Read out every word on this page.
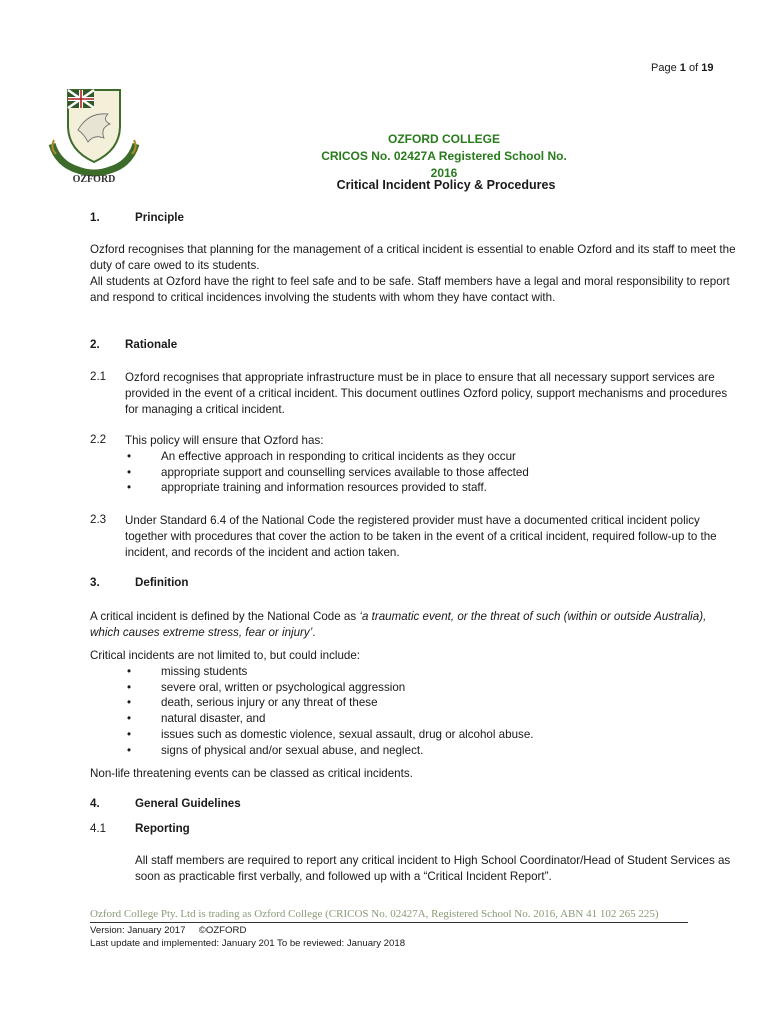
Page 1 of 19
OZFORD
OZFORD COLLEGE
CRICOS No. 02427A Registered School No. 2016
Critical Incident Policy & Procedures
1.	Principle
Ozford recognises that planning for the management of a critical incident is essential to enable Ozford and its staff to meet the duty of care owed to its students.
All students at Ozford have the right to feel safe and to be safe. Staff members have a legal and moral responsibility to report and respond to critical incidences involving the students with whom they have contact with.
2. Rationale
2.1 Ozford recognises that appropriate infrastructure must be in place to ensure that all necessary support services are provided in the event of a critical incident. This document outlines Ozford policy, support mechanisms and procedures for managing a critical incident.
2.2 This policy will ensure that Ozford has:
• An effective approach in responding to critical incidents as they occur
• appropriate support and counselling services available to those affected
• appropriate training and information resources provided to staff.
2.3 Under Standard 6.4 of the National Code the registered provider must have a documented critical incident policy together with procedures that cover the action to be taken in the event of a critical incident, required follow-up to the incident, and records of the incident and action taken.
3.	Definition
A critical incident is defined by the National Code as ‘a traumatic event, or the threat of such (within or outside Australia), which causes extreme stress, fear or injury’.
Critical incidents are not limited to, but could include:
• missing students
• severe oral, written or psychological aggression
• death, serious injury or any threat of these
• natural disaster, and
• issues such as domestic violence, sexual assault, drug or alcohol abuse.
• signs of physical and/or sexual abuse, and neglect.
Non-life threatening events can be classed as critical incidents.
4.	General Guidelines
4.1 Reporting
All staff members are required to report any critical incident to High School Coordinator/Head of Student Services as soon as practicable first verbally, and followed up with a “Critical Incident Report”.
Ozford College Pty. Ltd is trading as Ozford College (CRICOS No. 02427A, Registered School No. 2016, ABN 41 102 265 225)
Version: January 2017     ©OZFORD
Last update and implemented: January 201 To be reviewed: January 2018
